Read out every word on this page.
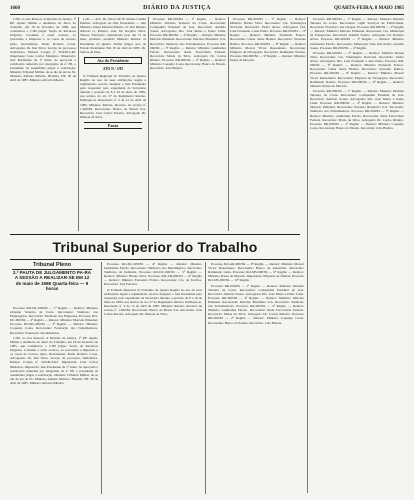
1660	DIÁRIO DA JUSTIÇA	QUARTA-FEIRA, 8 MAIO 1985

CJM, os atos Pessoal. A Decisão da Justiça. 1ª RF. Ajuízo Militar e Auditoria do Juízo do Trabalho, em 18 de fevereiro de 1985, que considerou o CJM julgar. Seção de Recursos Julgados. Costume a ouvir recurso, ao procurado a Impresso e os casos de recurso juízo. Reclamante. Paulo Roberto Costa. Advogados Dr. Rui Silva. Secção de processos Judiciários. Habeas Corpus nº 30.949-4-RJ. Impetrante: Luiz Carlos Medeiros. Impetrado: Juiz Presidente da 1ª Junta. Se aprovada a solicitação remetida por telegrama da nº 88, o presidente da assembleia julgar a solicitação. Ministro Tribunal Militar, de se diz de até de fls. Ministro Alfredo Ribeiro. Brasília, DF, 28 de abril de 1985. Ministro Alfredo Ribeiro.

Lello — Adv. Dr. Valero M. B. Sindes Camila Paulino. Advogado do Juiz. Presidente — Juiz Ministro Juizes Moreira Ribeiro. Sr. Rui Ribeiro Alberto G. Ribeiro. Adv. Dr. Rogério Silva. Tantos. Execução comunicada pelo dia 13 de maio próximo, incluído Ministro Relator. O Presidente da Quarta Turma julgou atos de Estado Presidente. Em 18 de abril de 1985. Dr. Santos de Pina.

Ato do Presidente
ATO N.º 5/85

O Tribunal Regional do Trabalho da Quarta Região no uso de suas atribuições legais e regimentais, resolve designar o Juiz Presidente para responder pelo expediente da Secretaria durante o período de 8 a 16 de maio de 1985, nos termos do art. 27 do Regimento Interno. Publique-se. Resolução nº 4 de 12 de abril de 1985. Ministro Relator. Recurso de revista nº 1.400/84. Recorrente: Banco do Brasil S/A. Recorrido: José Carlos Pereira. Advogado Dr. Manoel da Silva.

Pauta

Processo RR-000/84 — 1ª Região — Relator: Ministro Orlando Teixeira da Costa. Recorrente: Companhia Estadual de Gás. Recorrido: Antônio Souza. Advogados Drs. José Maria e Paulo Lima. Processo RR-000/84 — 4ª Região — Relator: Ministro Marcelo Pimentel. Recorrente: Petróleo Brasileiro S/A. Recorrido: Sindicato dos Trabalhadores. Processo RR-000/84 — 3ª Região — Relator: Ministro Guimarães Falcão. Recorrente: Rede Ferroviária Federal. Recorrido: Maria da Silva. Advogado Dr. Carlos Ribeiro. Processo RR-000/84 — 2ª Região — Relator: Ministro Coqueijo Costa. Recorrente: Banco do Estado. Recorrido: João Batista.

Processo RR-000/84 — 5ª Região — Relator: Ministro Barata Silva. Recorrente: Cia. Siderúrgica Nacional. Recorrido: Pedro Alves. Advogados Drs. Luiz Fernando e Ana Paula. Processo RR-000/84 — 6ª Região — Relator: Ministro Fernando Franco. Recorrente: Usina Santa Helena. Recorrido: Severino Ramos. Processo RR-000/84 — 8ª Região — Relator: Ministro Mozart Victor Russomano. Recorrente: Empresa de Navegação. Recorrido: Raimundo Nonato. Processo RR-000/84 — 9ª Região — Relator: Ministro Prates de Macedo.

Processo RR-000/84 — 1ª Região — Relator: Ministro Orlando Teixeira da Costa. Recorrente: Light Serviços de Eletricidade. Recorrido: Francisco das Chagas. Processo RR-000/84 — 2ª Região — Relator: Ministro Marcelo Pimentel. Recorrente: Cia. Municipal de Transportes. Recorrido: Ademir Santos. Advogado Dr. Roberto Alves. Processo RR-000/84 — 3ª Região — Relator: Ministro Guimarães Falcão. Recorrente: Mineração Vale. Recorrido: Geraldo Souza. Processo RR-000/84 — 4ª Região.

Processo RR-000/84 — 5ª Região — Relator: Ministro Barata Silva. Recorrente: Cia. Siderúrgica Nacional. Recorrido: Pedro Alves. Advogados Drs. Luiz Fernando e Ana Paula. Processo RR-000/84 — 6ª Região — Relator: Ministro Fernando Franco. Recorrente: Usina Santa Helena. Recorrido: Severino Ramos. Processo RR-000/84 — 8ª Região — Relator: Ministro Mozart Victor Russomano. Recorrente: Empresa de Navegação. Recorrido: Raimundo Nonato. Processo RR-000/84 — 9ª Região — Relator: Ministro Prates de Macedo.

Processo RR-000/84 — 1ª Região — Relator: Ministro Orlando Teixeira da Costa. Recorrente: Companhia Estadual de Gás. Recorrido: Antônio Souza. Advogados Drs. José Maria e Paulo Lima. Processo RR-000/84 — 4ª Região — Relator: Ministro Marcelo Pimentel. Recorrente: Petróleo Brasileiro S/A. Recorrido: Sindicato dos Trabalhadores. Processo RR-000/84 — 3ª Região — Relator: Ministro Guimarães Falcão. Recorrente: Rede Ferroviária Federal. Recorrido: Maria da Silva. Advogado Dr. Carlos Ribeiro. Processo RR-000/84 — 2ª Região — Relator: Ministro Coqueijo Costa. Recorrente: Banco do Estado. Recorrido: João Batista.

Tribunal Superior do Trabalho
Tribunal Pleno
2.ª PAUTA DE JULGAMENTO PA-RA A SESSÃO A REALIZAR-SE EM 12 de maio de 1985 Quarta-feira — 9 horas

Processo RO-DC-000/84 — 1ª Região — Relator: Ministro Orlando Teixeira da Costa. Recorrente: Sindicato dos Empregados. Recorrido: Sindicato das Empresas. Processo RO-DC-000/84 — 2ª Região — Relator: Ministro Marcelo Pimentel. Processo RO-DC-000/84 — 3ª Região — Relator: Ministro Coqueijo Costa. Recorrente: Federação dos Trabalhadores. Recorrido: Federação das Indústrias.

CJM, os atos Pessoal. A Decisão da Justiça. 1ª RF. Ajuízo Militar e Auditoria do Juízo do Trabalho, em 18 de fevereiro de 1985, que considerou o CJM julgar. Seção de Recursos Julgados. Costume a ouvir recurso, ao procurado a Impresso e os casos de recurso juízo. Reclamante. Paulo Roberto Costa. Advogados Dr. Rui Silva. Secção de processos Judiciários. Habeas Corpus nº 30.949-4-RJ. Impetrante: Luiz Carlos Medeiros. Impetrado: Juiz Presidente da 1ª Junta. Se aprovada a solicitação remetida por telegrama da nº 88, o presidente da assembleia julgar a solicitação. Ministro Tribunal Militar, de se diz de até de fls. Ministro Alfredo Ribeiro. Brasília, DF, 28 de abril de 1985. Ministro Alfredo Ribeiro.

Processo RO-DC-000/84 — 4ª Região — Relator: Ministro Guimarães Falcão. Recorrente: Sindicato dos Metalúrgicos. Recorrido: Sindicato da Indústria. Processo RO-DC-000/84 — 5ª Região — Relator: Ministro Barata Silva. Processo RO-AR-000/84 — 6ª Região — Relator: Ministro Fernando Franco. Recorrente: Cia. de Tecidos. Recorrido: José Ferreira.

O Tribunal Regional do Trabalho da Quarta Região no uso de suas atribuições legais e regimentais, resolve designar o Juiz Presidente para responder pelo expediente da Secretaria durante o período de 8 a 16 de maio de 1985, nos termos do art. 27 do Regimento Interno. Publique-se. Resolução nº 4 de 12 de abril de 1985. Ministro Relator. Recurso de revista nº 1.400/84. Recorrente: Banco do Brasil S/A. Recorrido: José Carlos Pereira. Advogado Dr. Manoel da Silva.

Processo RO-AR-000/84 — 8ª Região — Relator: Ministro Mozart Victor Russomano. Recorrente: Banco da Amazônia. Recorrido: Raimundo Lima. Processo RO-MS-000/84 — 9ª Região — Relator: Ministro Prates de Macedo. Impetrante: Empresa de Ônibus. Processo RO-MS-000/84 — 10ª Região.

Processo RR-000/84 — 1ª Região — Relator: Ministro Orlando Teixeira da Costa. Recorrente: Companhia Estadual de Gás. Recorrido: Antônio Souza. Advogados Drs. José Maria e Paulo Lima. Processo RR-000/84 — 4ª Região — Relator: Ministro Marcelo Pimentel. Recorrente: Petróleo Brasileiro S/A. Recorrido: Sindicato dos Trabalhadores. Processo RR-000/84 — 3ª Região — Relator: Ministro Guimarães Falcão. Recorrente: Rede Ferroviária Federal. Recorrido: Maria da Silva. Advogado Dr. Carlos Ribeiro. Processo RR-000/84 — 2ª Região — Relator: Ministro Coqueijo Costa. Recorrente: Banco do Estado. Recorrido: João Batista.
